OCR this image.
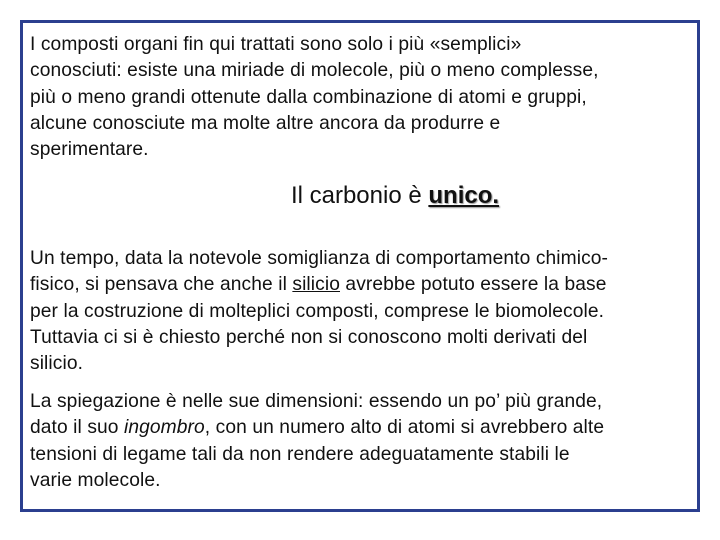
I composti organi fin qui trattati sono solo i più «semplici»
conosciuti: esiste una miriade di molecole, più o meno complesse,
più o meno grandi ottenute dalla combinazione di atomi e gruppi,
alcune conosciute ma molte altre ancora da produrre e
sperimentare.

Il carbonio è unico.

Un tempo, data la notevole somiglianza di comportamento chimico-
fisico, si pensava che anche il silicio avrebbe potuto essere la base
per la costruzione di molteplici composti, comprese le biomolecole.
Tuttavia ci si è chiesto perché non si conoscono molti derivati del
silicio.

La spiegazione è nelle sue dimensioni: essendo un po’ più grande,
dato il suo ingombro, con un numero alto di atomi si avrebbero alte
tensioni di legame tali da non rendere adeguatamente stabili le
varie molecole.
